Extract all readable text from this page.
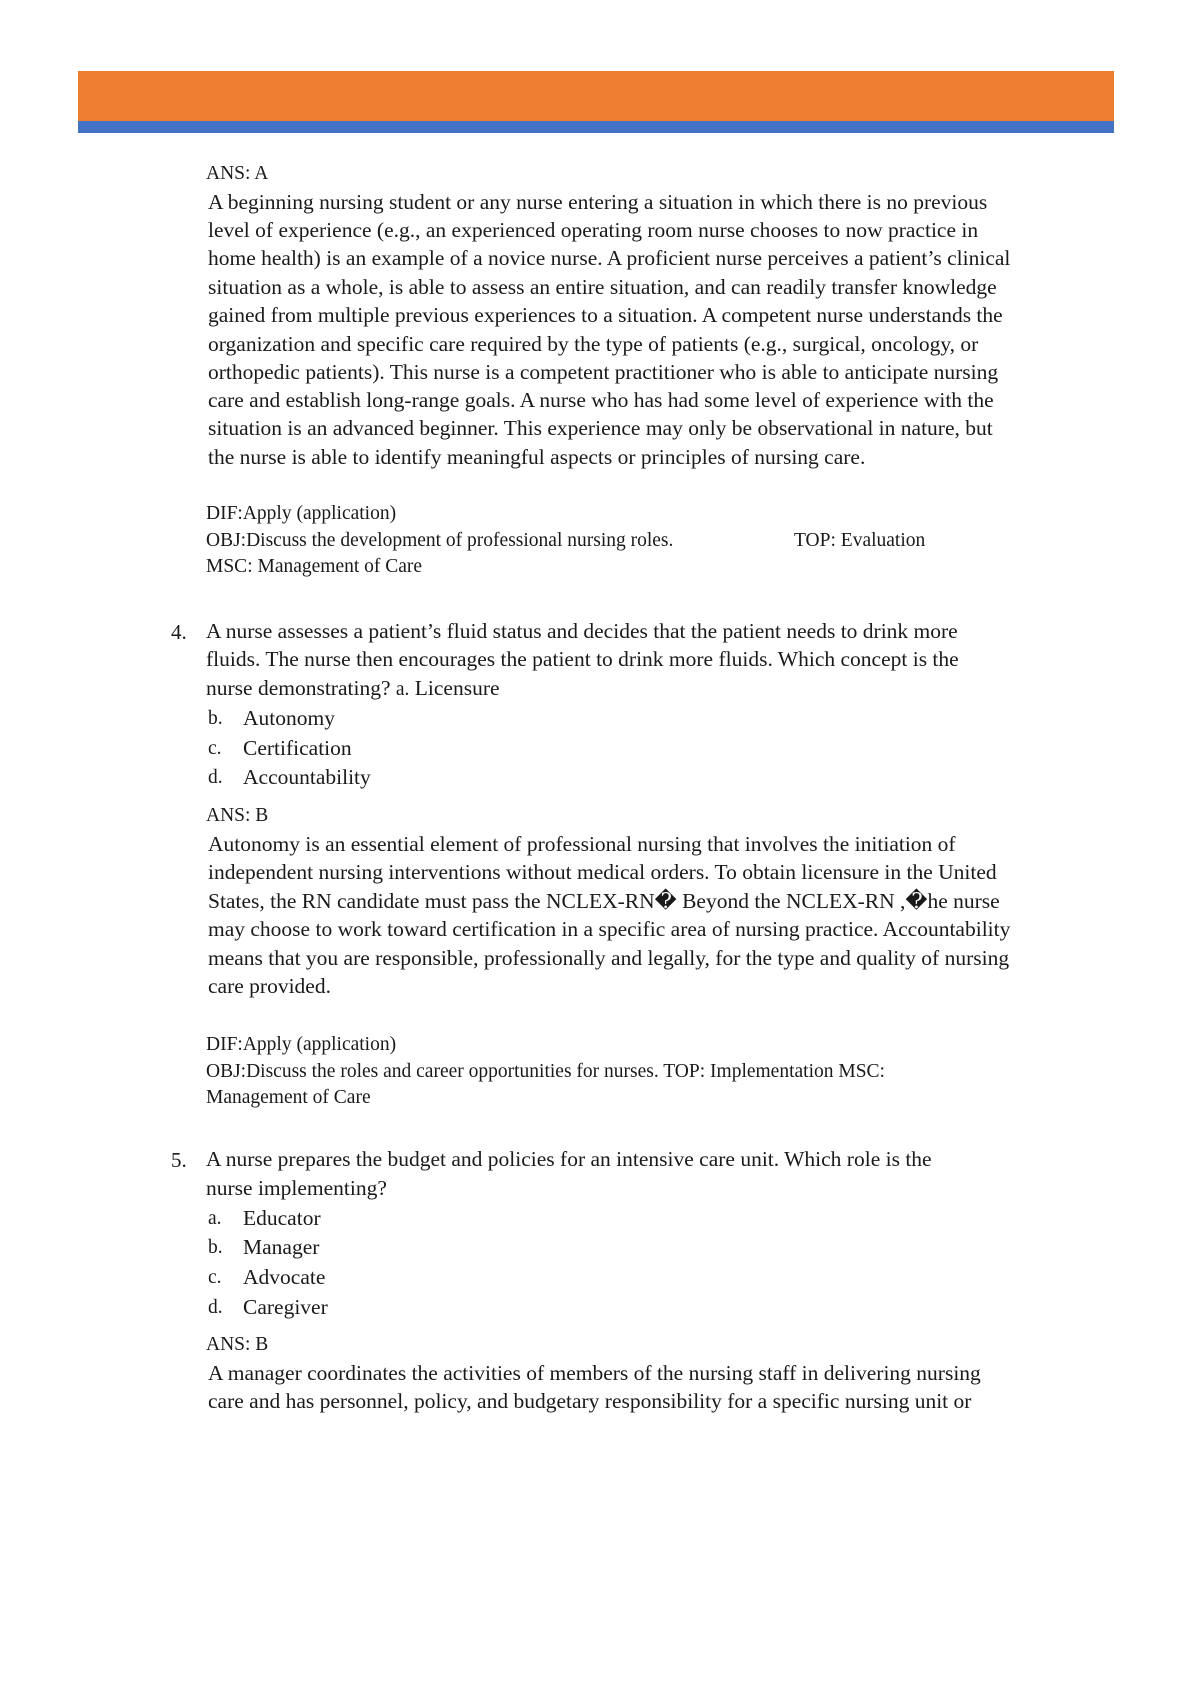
ANS: A
A beginning nursing student or any nurse entering a situation in which there is no previous
level of experience (e.g., an experienced operating room nurse chooses to now practice in
home health) is an example of a novice nurse. A proficient nurse perceives a patient’s clinical
situation as a whole, is able to assess an entire situation, and can readily transfer knowledge
gained from multiple previous experiences to a situation. A competent nurse understands the
organization and specific care required by the type of patients (e.g., surgical, oncology, or
orthopedic patients). This nurse is a competent practitioner who is able to anticipate nursing
care and establish long-range goals. A nurse who has had some level of experience with the
situation is an advanced beginner. This experience may only be observational in nature, but
the nurse is able to identify meaningful aspects or principles of nursing care.
DIF:Apply (application)
OBJ:Discuss the development of professional nursing roles.	TOP: Evaluation
MSC: Management of Care
4. A nurse assesses a patient’s fluid status and decides that the patient needs to drink more
fluids. The nurse then encourages the patient to drink more fluids. Which concept is the
nurse demonstrating? a. Licensure
b. Autonomy
c. Certification
d. Accountability
ANS: B
Autonomy is an essential element of professional nursing that involves the initiation of
independent nursing interventions without medical orders. To obtain licensure in the United
States, the RN candidate must pass the NCLEX-RN� Beyond the NCLEX-RN ,�he nurse
may choose to work toward certification in a specific area of nursing practice. Accountability
means that you are responsible, professionally and legally, for the type and quality of nursing
care provided.
DIF:Apply (application)
OBJ:Discuss the roles and career opportunities for nurses. TOP: Implementation MSC:
Management of Care
5. A nurse prepares the budget and policies for an intensive care unit. Which role is the
nurse implementing?
a. Educator
b. Manager
c. Advocate
d. Caregiver
ANS: B
A manager coordinates the activities of members of the nursing staff in delivering nursing
care and has personnel, policy, and budgetary responsibility for a specific nursing unit or
